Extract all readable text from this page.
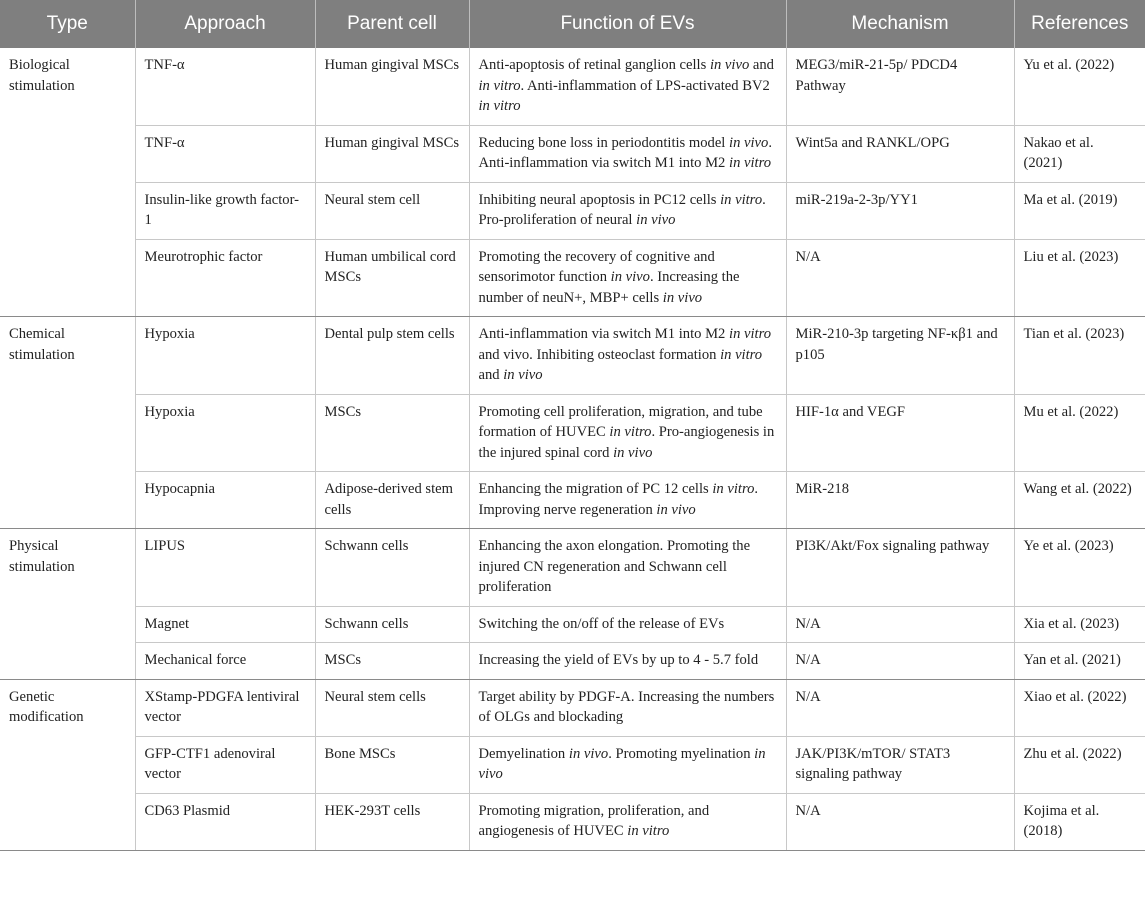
Type	Approach	Parent cell	Function of EVs	Mechanism	References
Biological stimulation	TNF-α	Human gingival MSCs	Anti-apoptosis of retinal ganglion cells in vivo and in vitro. Anti-inflammation of LPS-activated BV2 in vitro	MEG3/miR-21-5p/ PDCD4 Pathway	Yu et al. (2022)
	TNF-α	Human gingival MSCs	Reducing bone loss in periodontitis model in vivo. Anti-inflammation via switch M1 into M2 in vitro	Wint5a and RANKL/OPG	Nakao et al. (2021)
	Insulin-like growth factor-1	Neural stem cell	Inhibiting neural apoptosis in PC12 cells in vitro. Pro-proliferation of neural in vivo	miR-219a-2-3p/YY1	Ma et al. (2019)
	Meurotrophic factor	Human umbilical cord MSCs	Promoting the recovery of cognitive and sensorimotor function in vivo. Increasing the number of neuN+, MBP+ cells in vivo	N/A	Liu et al. (2023)
Chemical stimulation	Hypoxia	Dental pulp stem cells	Anti-inflammation via switch M1 into M2 in vitro and vivo. Inhibiting osteoclast formation in vitro and in vivo	MiR-210-3p targeting NF-κβ1 and p105	Tian et al. (2023)
	Hypoxia	MSCs	Promoting cell proliferation, migration, and tube formation of HUVEC in vitro. Pro-angiogenesis in the injured spinal cord in vivo	HIF-1α and VEGF	Mu et al. (2022)
	Hypocapnia	Adipose-derived stem cells	Enhancing the migration of PC 12 cells in vitro. Improving nerve regeneration in vivo	MiR-218	Wang et al. (2022)
Physical stimulation	LIPUS	Schwann cells	Enhancing the axon elongation. Promoting the injured CN regeneration and Schwann cell proliferation	PI3K/Akt/Fox signaling pathway	Ye et al. (2023)
	Magnet	Schwann cells	Switching the on/off of the release of EVs	N/A	Xia et al. (2023)
	Mechanical force	MSCs	Increasing the yield of EVs by up to 4 - 5.7 fold	N/A	Yan et al. (2021)
Genetic modification	XStamp-PDGFA lentiviral vector	Neural stem cells	Target ability by PDGF-A. Increasing the numbers of OLGs and blockading	N/A	Xiao et al. (2022)
	GFP-CTF1 adenoviral vector	Bone MSCs	Demyelination in vivo. Promoting myelination in vivo	JAK/PI3K/mTOR/ STAT3 signaling pathway	Zhu et al. (2022)
	CD63 Plasmid	HEK-293T cells	Promoting migration, proliferation, and angiogenesis of HUVEC in vitro	N/A	Kojima et al. (2018)
